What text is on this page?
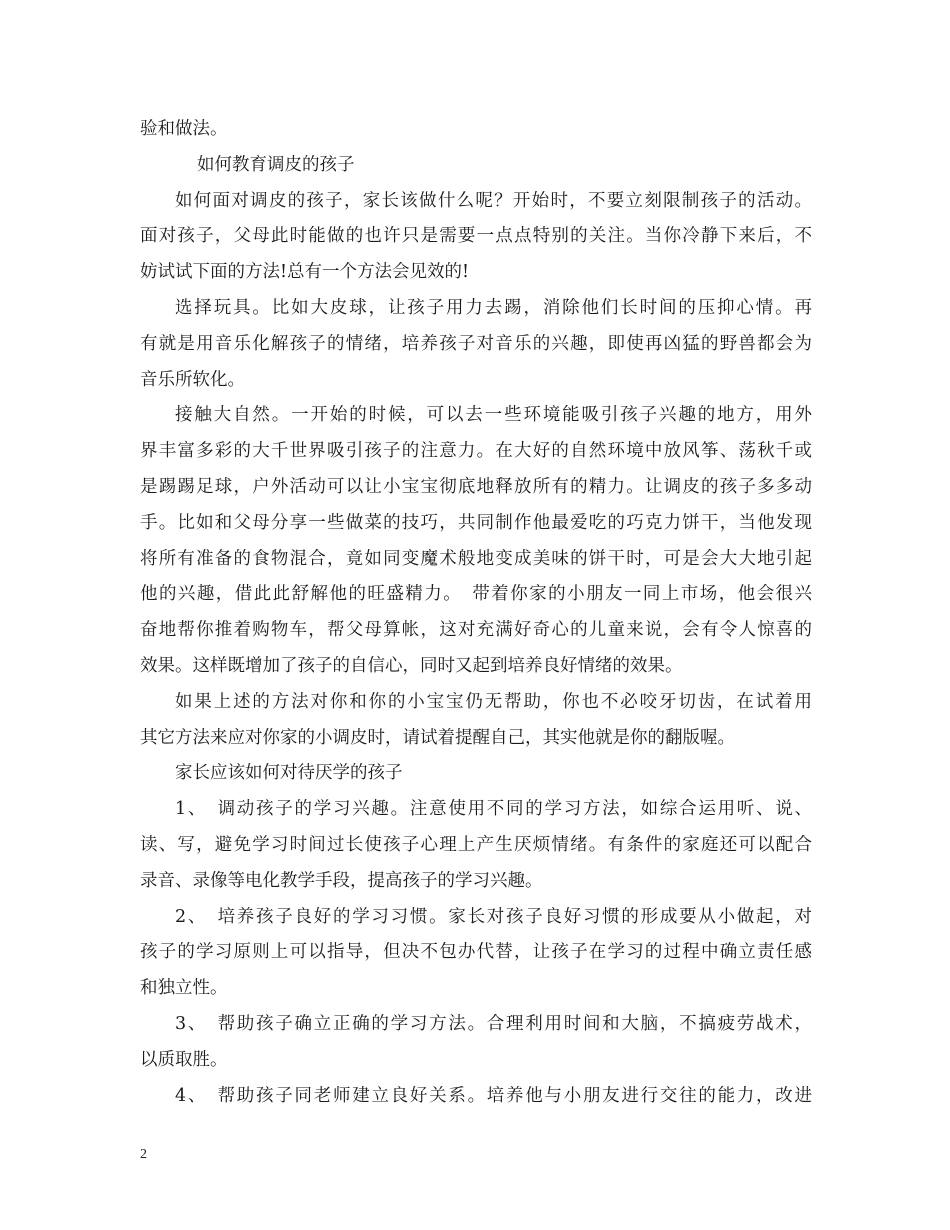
验和做法。
如何教育调皮的孩子
如何面对调皮的孩子，家长该做什么呢？开始时，不要立刻限制孩子的活动。
面对孩子，父母此时能做的也许只是需要一点点特别的关注。当你冷静下来后，不
妨试试下面的方法!总有一个方法会见效的!
选择玩具。比如大皮球，让孩子用力去踢，消除他们长时间的压抑心情。再
有就是用音乐化解孩子的情绪，培养孩子对音乐的兴趣，即使再凶猛的野兽都会为
音乐所软化。
接触大自然。一开始的时候，可以去一些环境能吸引孩子兴趣的地方，用外
界丰富多彩的大千世界吸引孩子的注意力。在大好的自然环境中放风筝、荡秋千或
是踢踢足球，户外活动可以让小宝宝彻底地释放所有的精力。让调皮的孩子多多动
手。比如和父母分享一些做菜的技巧，共同制作他最爱吃的巧克力饼干，当他发现
将所有准备的食物混合，竟如同变魔术般地变成美味的饼干时，可是会大大地引起
他的兴趣，借此此舒解他的旺盛精力。　带着你家的小朋友一同上市场，他会很兴
奋地帮你推着购物车，帮父母算帐，这对充满好奇心的儿童来说，会有令人惊喜的
效果。这样既增加了孩子的自信心，同时又起到培养良好情绪的效果。
如果上述的方法对你和你的小宝宝仍无帮助，你也不必咬牙切齿，在试着用
其它方法来应对你家的小调皮时，请试着提醒自己，其实他就是你的翻版喔。
家长应该如何对待厌学的孩子
1、　调动孩子的学习兴趣。注意使用不同的学习方法，如综合运用听、说、
读、写，避免学习时间过长使孩子心理上产生厌烦情绪。有条件的家庭还可以配合
录音、录像等电化教学手段，提高孩子的学习兴趣。
2、　培养孩子良好的学习习惯。家长对孩子良好习惯的形成要从小做起，对
孩子的学习原则上可以指导，但决不包办代替，让孩子在学习的过程中确立责任感
和独立性。
3、　帮助孩子确立正确的学习方法。合理利用时间和大脑，不搞疲劳战术，
以质取胜。
4、　帮助孩子同老师建立良好关系。培养他与小朋友进行交往的能力，改进
2
